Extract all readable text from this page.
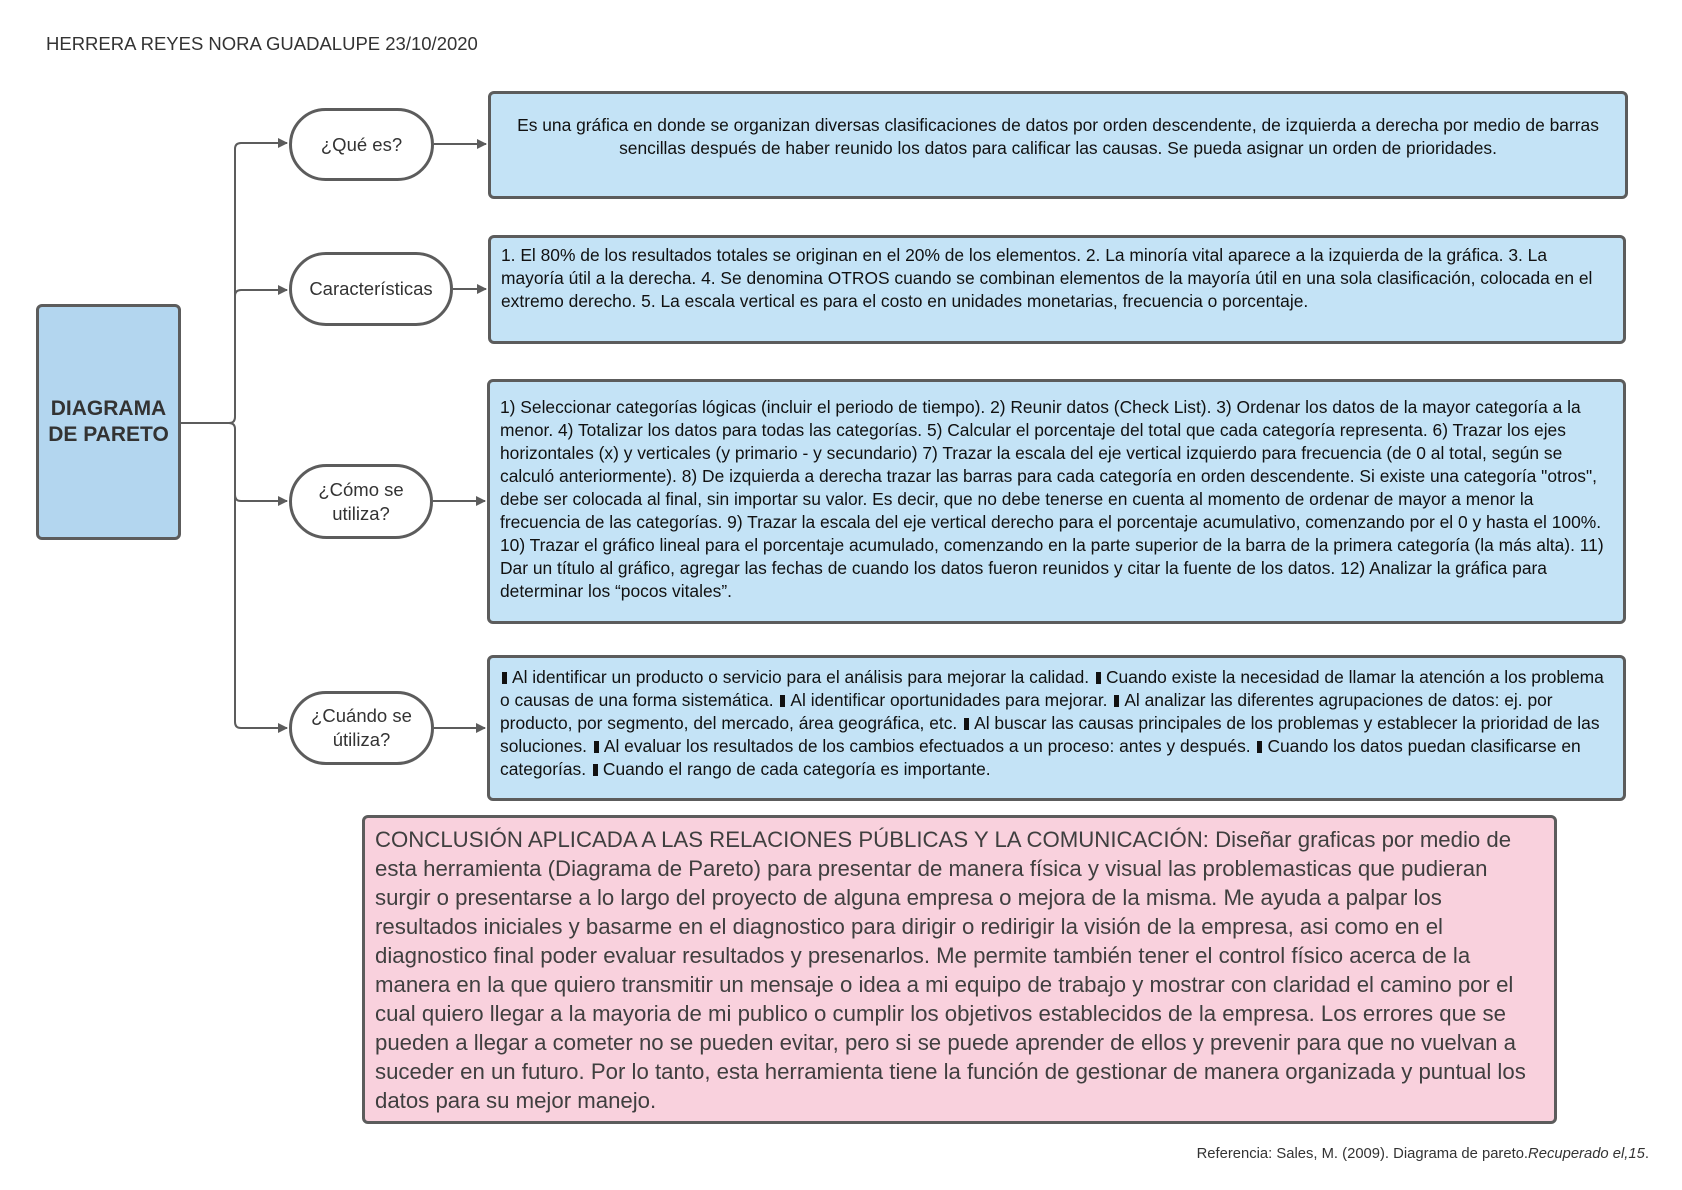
HERRERA REYES NORA GUADALUPE 23/10/2020
DIAGRAMA
DE PARETO
¿Qué es?
Características
¿Cómo se
utiliza?
¿Cuándo se
útiliza?
Es una gráfica en donde se organizan diversas clasificaciones de datos por orden descendente, de izquierda a derecha por medio de barras sencillas después de haber reunido los datos para calificar las causas. Se pueda asignar un orden de prioridades.
1. El 80% de los resultados totales se originan en el 20% de los elementos. 2. La minoría vital aparece a la izquierda de la gráfica. 3. La mayoría útil a la derecha. 4. Se denomina OTROS cuando se combinan elementos de la mayoría útil en una sola clasificación, colocada en el extremo derecho. 5. La escala vertical es para el costo en unidades monetarias, frecuencia o porcentaje.
1) Seleccionar categorías lógicas (incluir el periodo de tiempo). 2) Reunir datos (Check List). 3) Ordenar los datos de la mayor categoría a la menor. 4) Totalizar los datos para todas las categorías. 5) Calcular el porcentaje del total que cada categoría representa. 6) Trazar los ejes horizontales (x) y verticales (y primario - y secundario) 7) Trazar la escala del eje vertical izquierdo para frecuencia (de 0 al total, según se calculó anteriormente). 8) De izquierda a derecha trazar las barras para cada categoría en orden descendente. Si existe una categoría "otros", debe ser colocada al final, sin importar su valor. Es decir, que no debe tenerse en cuenta al momento de ordenar de mayor a menor la frecuencia de las categorías. 9) Trazar la escala del eje vertical derecho para el porcentaje acumulativo, comenzando por el 0 y hasta el 100%. 10) Trazar el gráfico lineal para el porcentaje acumulado, comenzando en la parte superior de la barra de la primera categoría (la más alta). 11) Dar un título al gráfico, agregar las fechas de cuando los datos fueron reunidos y citar la fuente de los datos. 12) Analizar la gráfica para determinar los “pocos vitales”.
Al identificar un producto o servicio para el análisis para mejorar la calidad. Cuando existe la necesidad de llamar la atención a los problema o causas de una forma sistemática. Al identificar oportunidades para mejorar. Al analizar las diferentes agrupaciones de datos: ej. por producto, por segmento, del mercado, área geográfica, etc. Al buscar las causas principales de los problemas y establecer la prioridad de las soluciones. Al evaluar los resultados de los cambios efectuados a un proceso: antes y después. Cuando los datos puedan clasificarse en categorías. Cuando el rango de cada categoría es importante.
CONCLUSIÓN APLICADA A LAS RELACIONES PÚBLICAS Y LA COMUNICACIÓN: Diseñar graficas por medio de esta herramienta (Diagrama de Pareto) para presentar de manera física y visual las problemasticas que pudieran surgir o presentarse a lo largo del proyecto de alguna empresa o mejora de la misma. Me ayuda a palpar los resultados iniciales y basarme en el diagnostico para dirigir o redirigir la visión de la empresa, asi como en el diagnostico final poder evaluar resultados y presenarlos. Me permite también tener el control físico acerca de la manera en la que quiero transmitir un mensaje o idea a mi equipo de trabajo y mostrar con claridad el camino por el cual quiero llegar a la mayoria de mi publico o cumplir los objetivos establecidos de la empresa. Los errores que se pueden a llegar a cometer no se pueden evitar, pero si se puede aprender de ellos y prevenir para que no vuelvan a suceder en un futuro. Por lo tanto, esta herramienta tiene la función de gestionar de manera organizada y puntual los datos para su mejor manejo.
Referencia: Sales, M. (2009). Diagrama de pareto.Recuperado el,15.
